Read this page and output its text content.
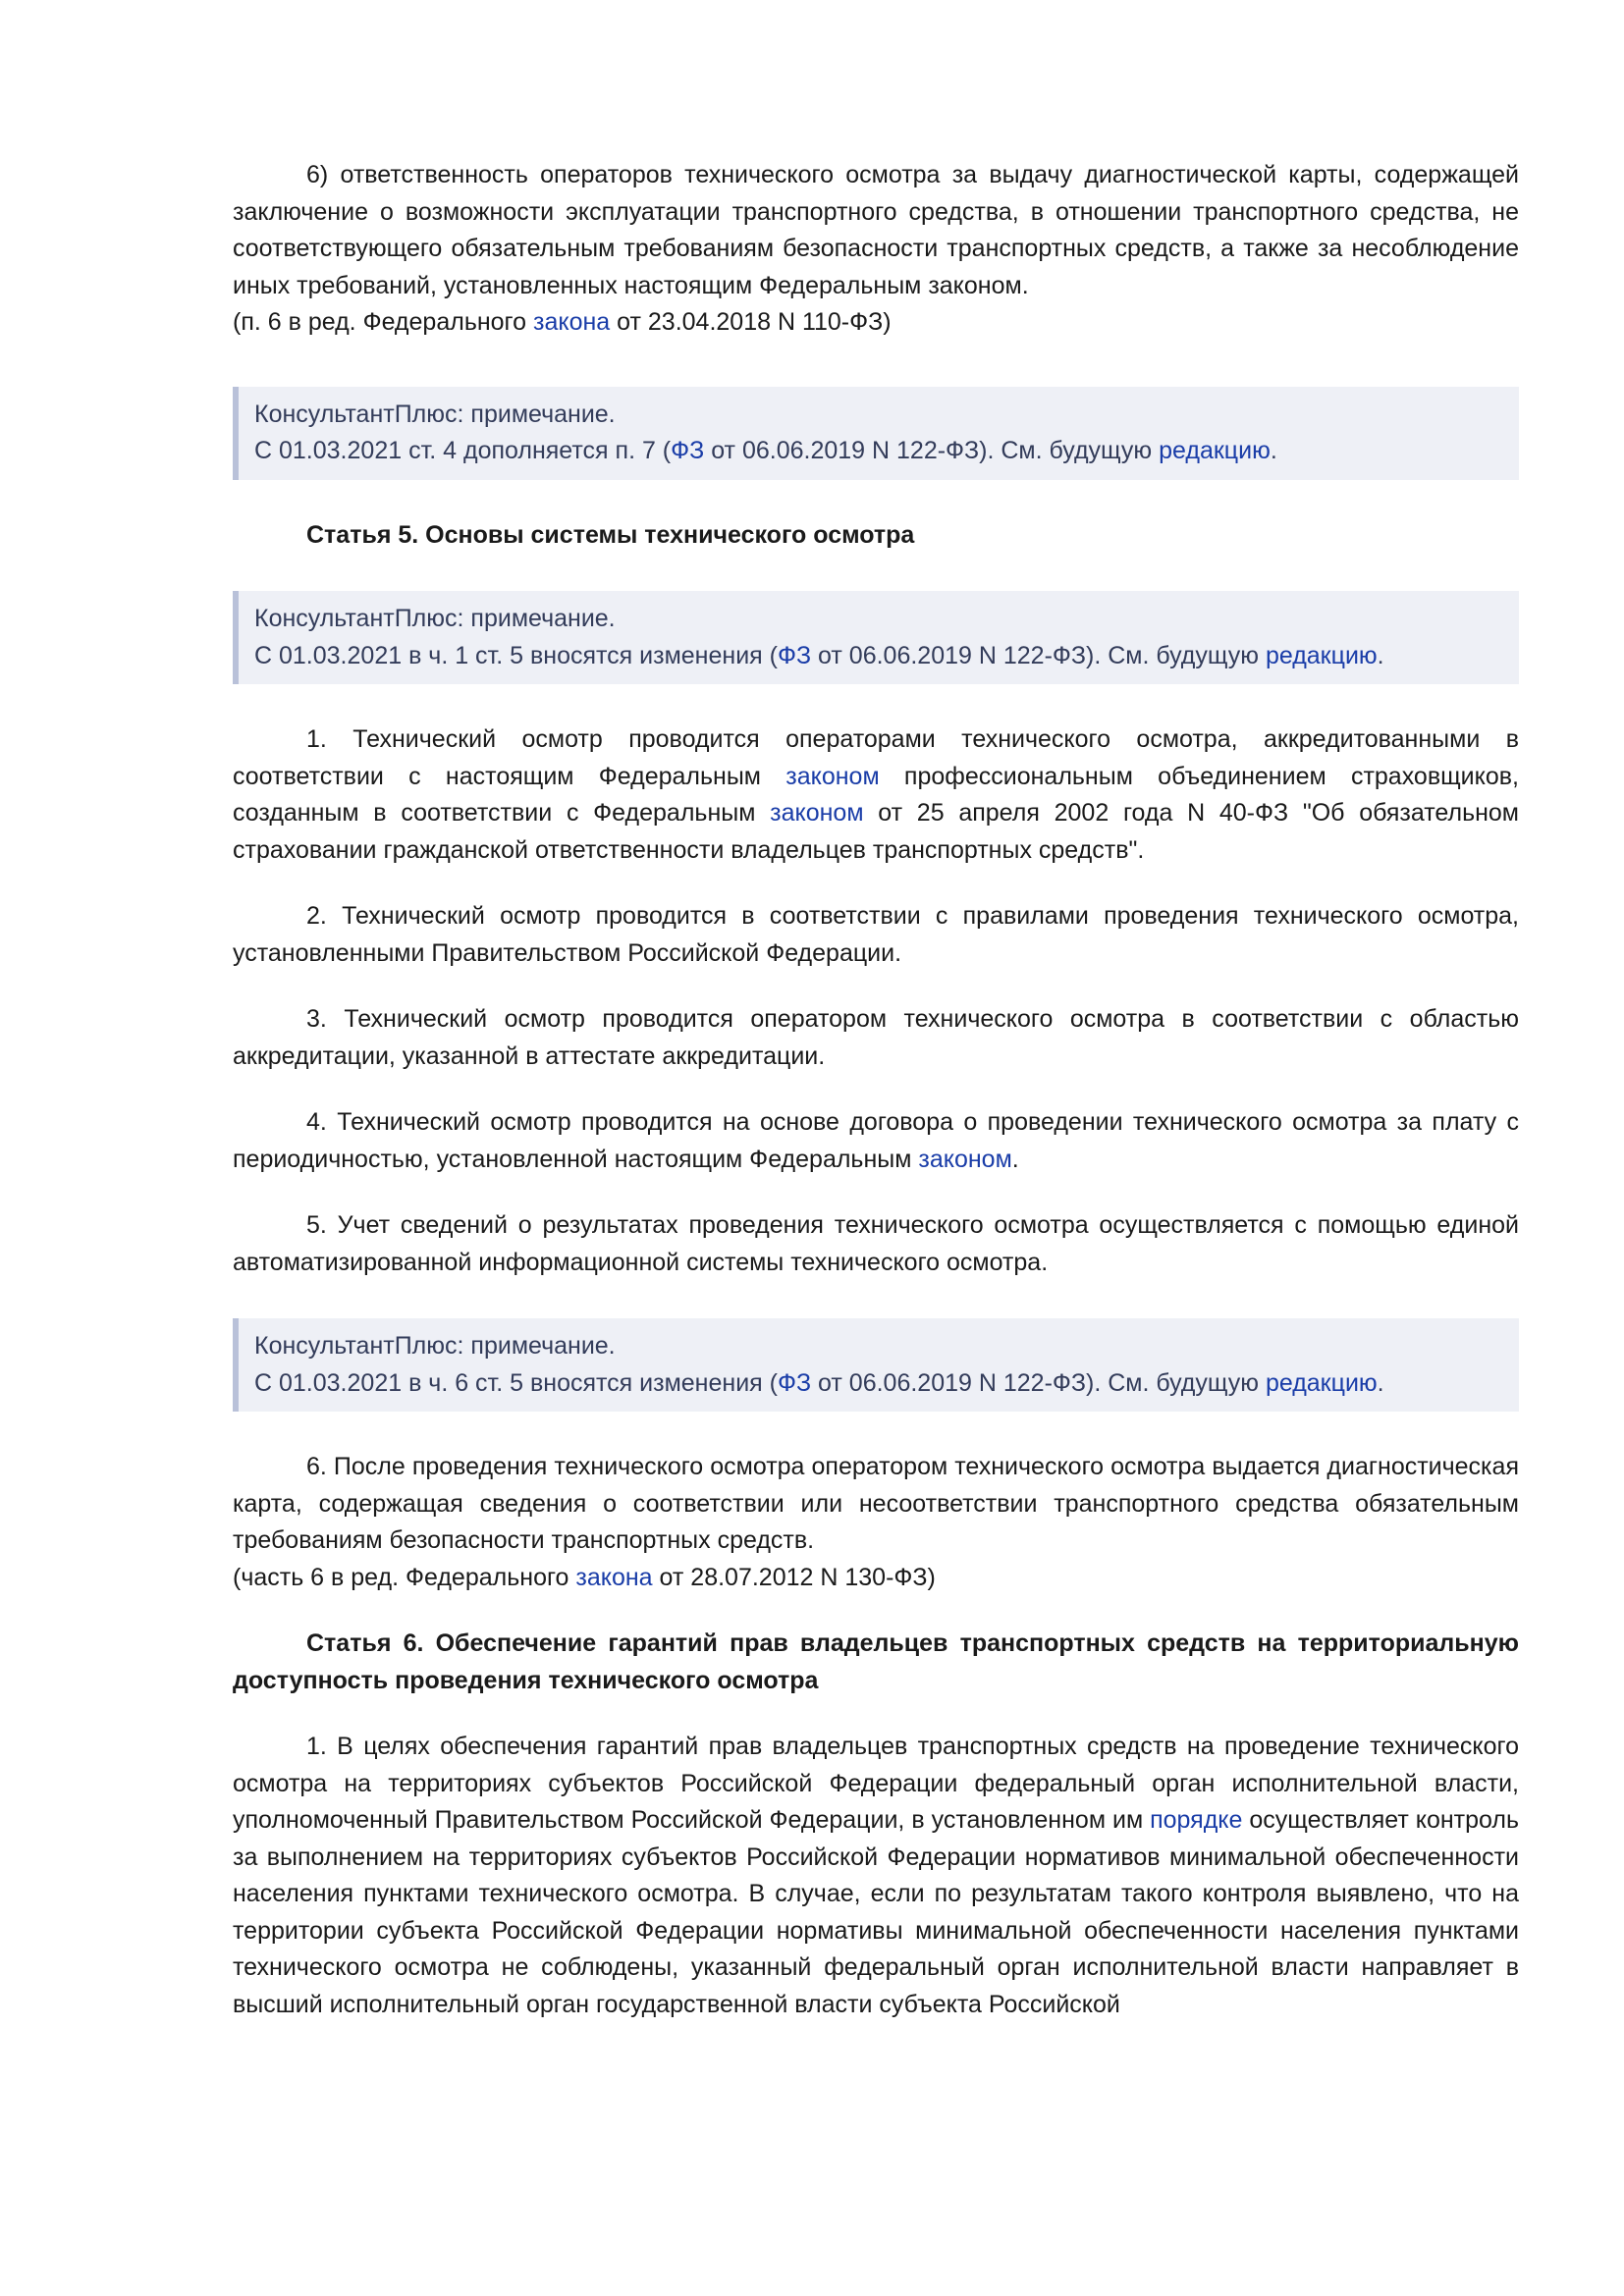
6) ответственность операторов технического осмотра за выдачу диагностической карты, содержащей заключение о возможности эксплуатации транспортного средства, в отношении транспортного средства, не соответствующего обязательным требованиям безопасности транспортных средств, а также за несоблюдение иных требований, установленных настоящим Федеральным законом.

(п. 6 в ред. Федерального закона от 23.04.2018 N 110-ФЗ)

КонсультантПлюс: примечание.

С 01.03.2021 ст. 4 дополняется п. 7 (ФЗ от 06.06.2019 N 122-ФЗ). См. будущую редакцию.

Статья 5. Основы системы технического осмотра

КонсультантПлюс: примечание.

С 01.03.2021 в ч. 1 ст. 5 вносятся изменения (ФЗ от 06.06.2019 N 122-ФЗ). См. будущую редакцию.

1. Технический осмотр проводится операторами технического осмотра, аккредитованными в соответствии с настоящим Федеральным законом профессиональным объединением страховщиков, созданным в соответствии с Федеральным законом от 25 апреля 2002 года N 40-ФЗ "Об обязательном страховании гражданской ответственности владельцев транспортных средств".

2. Технический осмотр проводится в соответствии с правилами проведения технического осмотра, установленными Правительством Российской Федерации.

3. Технический осмотр проводится оператором технического осмотра в соответствии с областью аккредитации, указанной в аттестате аккредитации.

4. Технический осмотр проводится на основе договора о проведении технического осмотра за плату с периодичностью, установленной настоящим Федеральным законом.

5. Учет сведений о результатах проведения технического осмотра осуществляется с помощью единой автоматизированной информационной системы технического осмотра.

КонсультантПлюс: примечание.

С 01.03.2021 в ч. 6 ст. 5 вносятся изменения (ФЗ от 06.06.2019 N 122-ФЗ). См. будущую редакцию.

6. После проведения технического осмотра оператором технического осмотра выдается диагностическая карта, содержащая сведения о соответствии или несоответствии транспортного средства обязательным требованиям безопасности транспортных средств.

(часть 6 в ред. Федерального закона от 28.07.2012 N 130-ФЗ)

Статья 6. Обеспечение гарантий прав владельцев транспортных средств на территориальную доступность проведения технического осмотра

1. В целях обеспечения гарантий прав владельцев транспортных средств на проведение технического осмотра на территориях субъектов Российской Федерации федеральный орган исполнительной власти, уполномоченный Правительством Российской Федерации, в установленном им порядке осуществляет контроль за выполнением на территориях субъектов Российской Федерации нормативов минимальной обеспеченности населения пунктами технического осмотра. В случае, если по результатам такого контроля выявлено, что на территории субъекта Российской Федерации нормативы минимальной обеспеченности населения пунктами технического осмотра не соблюдены, указанный федеральный орган исполнительной власти направляет в высший исполнительный орган государственной власти субъекта Российской
